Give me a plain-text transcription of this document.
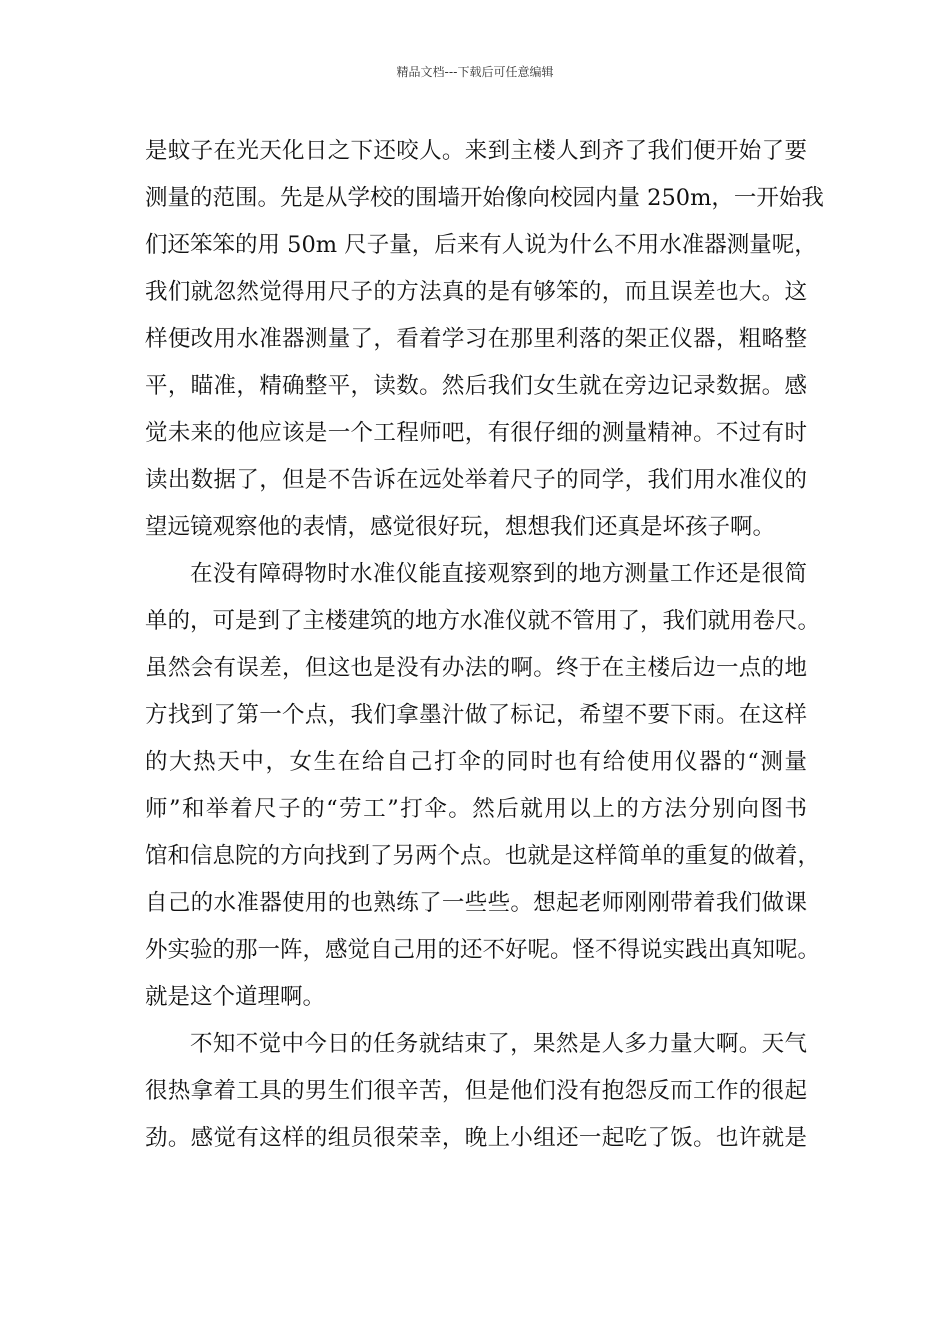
精品文档---下载后可任意编辑
是蚊子在光天化日之下还咬人。来到主楼人到齐了我们便开始了要
测量的范围。先是从学校的围墙开始像向校园内量 250m，一开始我
们还笨笨的用 50m 尺子量，后来有人说为什么不用水准器测量呢，
我们就忽然觉得用尺子的方法真的是有够笨的，而且误差也大。这
样便改用水准器测量了，看着学习在那里利落的架正仪器，粗略整
平，瞄准，精确整平，读数。然后我们女生就在旁边记录数据。感
觉未来的他应该是一个工程师吧，有很仔细的测量精神。不过有时
读出数据了，但是不告诉在远处举着尺子的同学，我们用水准仪的
望远镜观察他的表情，感觉很好玩，想想我们还真是坏孩子啊。
在没有障碍物时水准仪能直接观察到的地方测量工作还是很简
单的，可是到了主楼建筑的地方水准仪就不管用了，我们就用卷尺。
虽然会有误差，但这也是没有办法的啊。终于在主楼后边一点的地
方找到了第一个点，我们拿墨汁做了标记，希望不要下雨。在这样
的大热天中，女生在给自己打伞的同时也有给使用仪器的“测量
师”和举着尺子的“劳工”打伞。然后就用以上的方法分别向图书
馆和信息院的方向找到了另两个点。也就是这样简单的重复的做着，
自己的水准器使用的也熟练了一些些。想起老师刚刚带着我们做课
外实验的那一阵，感觉自己用的还不好呢。怪不得说实践出真知呢。
就是这个道理啊。
不知不觉中今日的任务就结束了，果然是人多力量大啊。天气
很热拿着工具的男生们很辛苦，但是他们没有抱怨反而工作的很起
劲。感觉有这样的组员很荣幸，晚上小组还一起吃了饭。也许就是
